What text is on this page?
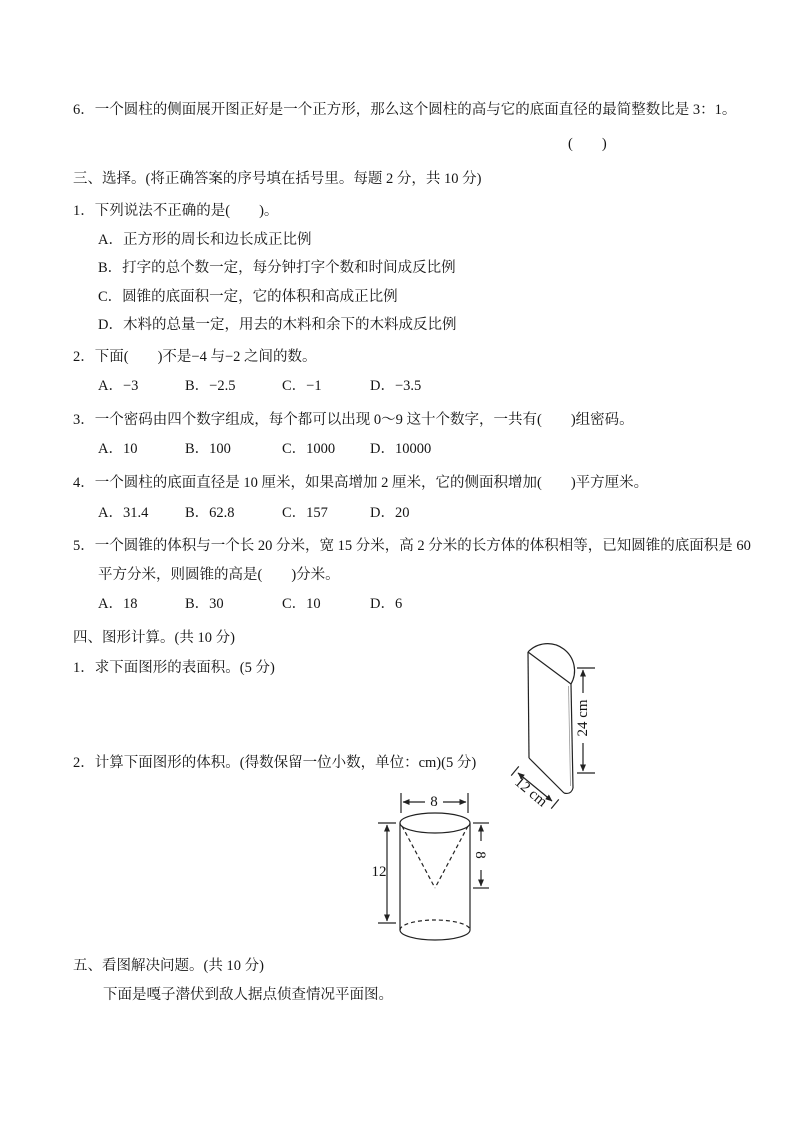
6．一个圆柱的侧面展开图正好是一个正方形，那么这个圆柱的高与它的底面直径的最简整数比是 3：1。
(　　)
三、选择。(将正确答案的序号填在括号里。每题 2 分，共 10 分)
1．下列说法不正确的是(　　)。
A．正方形的周长和边长成正比例
B．打字的总个数一定，每分钟打字个数和时间成反比例
C．圆锥的底面积一定，它的体积和高成正比例
D．木料的总量一定，用去的木料和余下的木料成反比例
2．下面(　　)不是−4 与−2 之间的数。
A．−3	B．−2.5	C．−1	D．−3.5
3．一个密码由四个数字组成，每个都可以出现 0～9 这十个数字，一共有(　　)组密码。
A．10	B．100	C．1000 D．10000
4．一个圆柱的底面直径是 10 厘米，如果高增加 2 厘米，它的侧面积增加(　　)平方厘米。
A．31.4	B．62.8	C．157	D．20
5．一个圆锥的体积与一个长 20 分米，宽 15 分米，高 2 分米的长方体的体积相等，已知圆锥的底面积是 60
平方分米，则圆锥的高是(　　)分米。
A．18	B．30	C．10	D．6
四、图形计算。(共 10 分)
1．求下面图形的表面积。(5 分)
2．计算下面图形的体积。(得数保留一位小数，单位：cm)(5 分)
24 cm
12 cm
8
12
8
五、看图解决问题。(共 10 分)
下面是嘎子潜伏到敌人据点侦查情况平面图。
